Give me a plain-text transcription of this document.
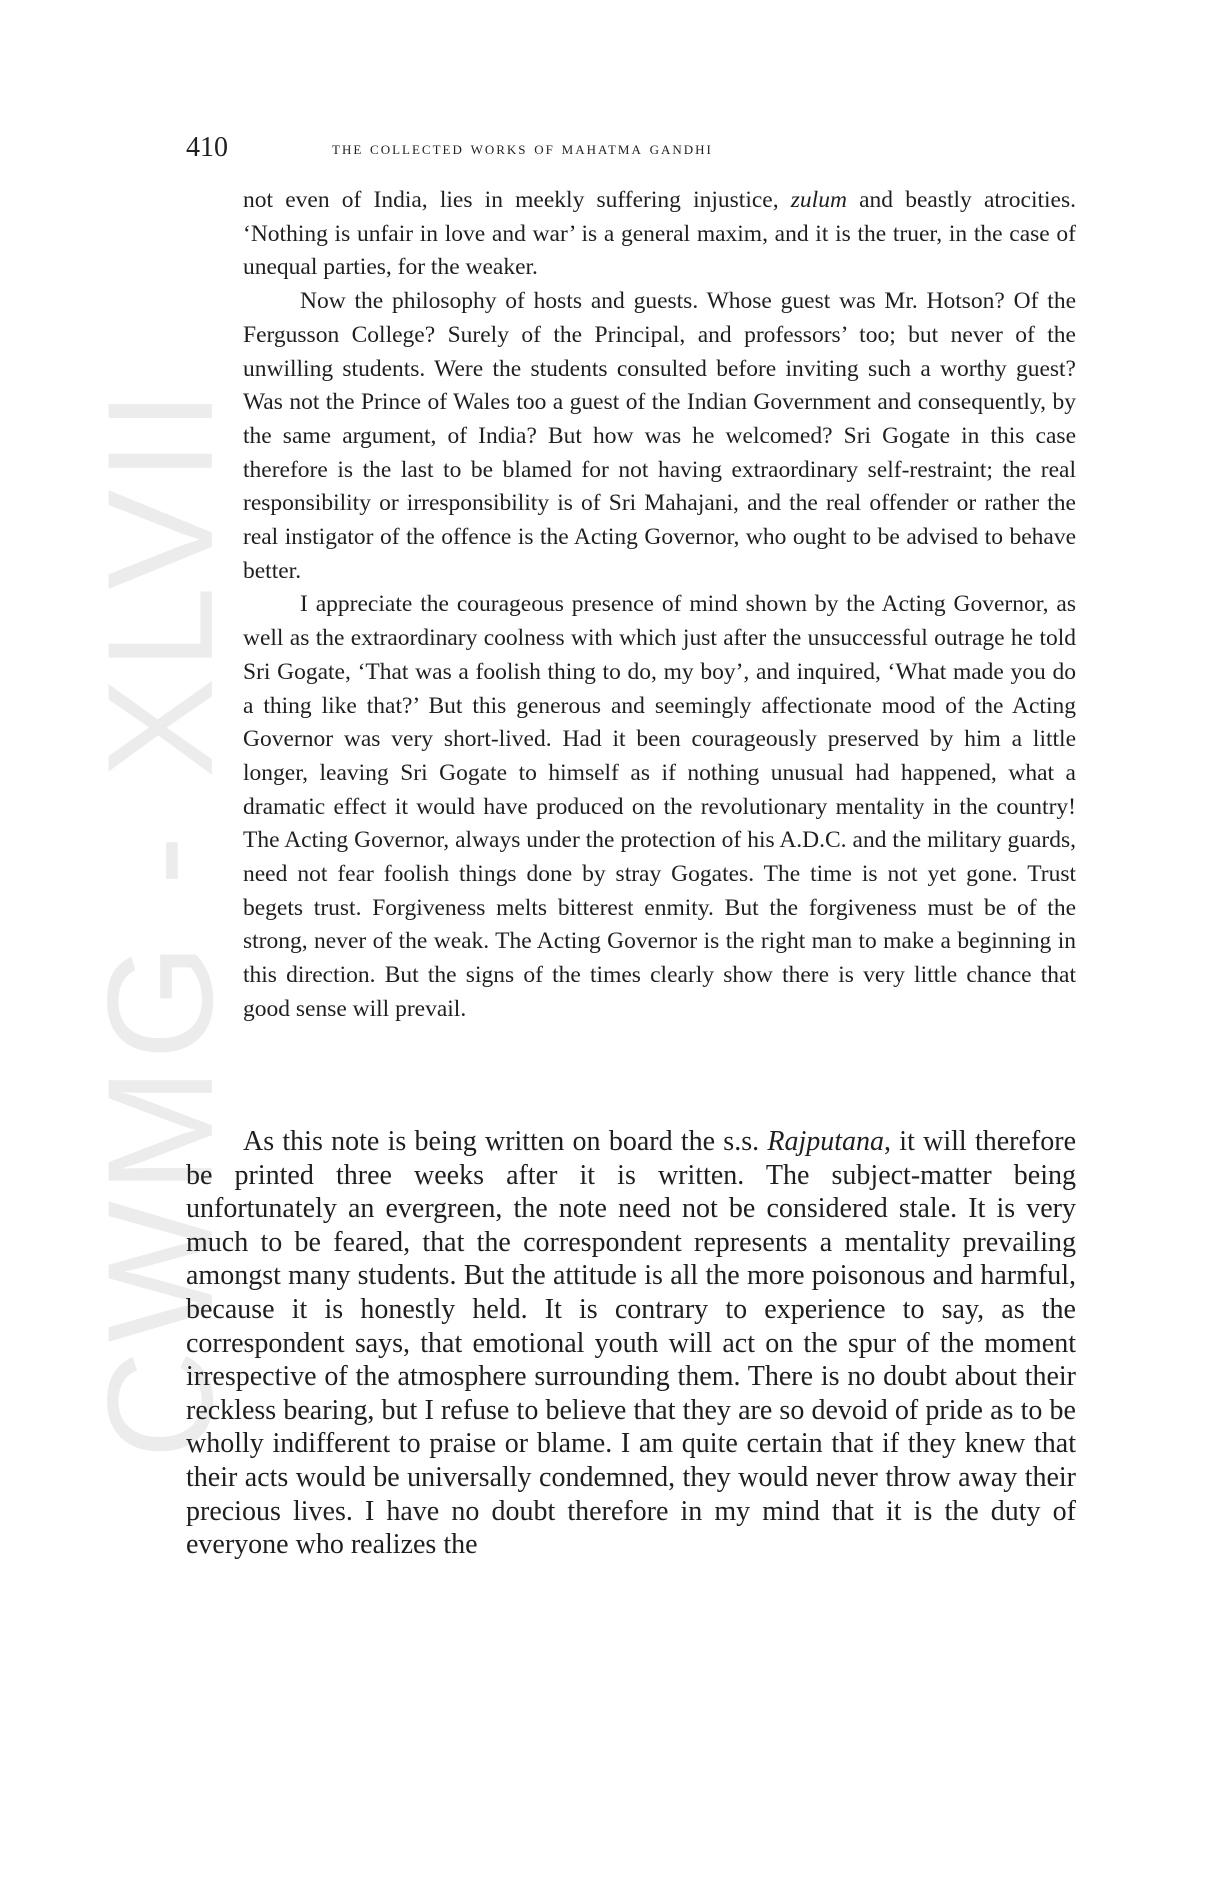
CWMG - XLVII
410	the collected works of mahatma gandhi

not even of India, lies in meekly suffering injustice, zulum and beastly atrocities. ‘Nothing is unfair in love and war’ is a general maxim, and it is the truer, in the case of unequal parties, for the weaker.

Now the philosophy of hosts and guests. Whose guest was Mr. Hotson? Of the Fergusson College? Surely of the Principal, and professors’ too; but never of the unwilling students. Were the students consulted before inviting such a worthy guest? Was not the Prince of Wales too a guest of the Indian Government and consequently, by the same argument, of India? But how was he welcomed? Sri Gogate in this case therefore is the last to be blamed for not having extraordinary self-restraint; the real responsibility or irresponsibility is of Sri Mahajani, and the real offender or rather the real instigator of the offence is the Acting Governor, who ought to be advised to behave better.

I appreciate the courageous presence of mind shown by the Acting Governor, as well as the extraordinary coolness with which just after the unsuccessful outrage he told Sri Gogate, ‘That was a foolish thing to do, my boy’, and inquired, ‘What made you do a thing like that?’ But this generous and seemingly affectionate mood of the Acting Governor was very short-lived. Had it been courageously preserved by him a little longer, leaving Sri Gogate to himself as if nothing unusual had happened, what a dramatic effect it would have produced on the revolutionary mentality in the country! The Acting Governor, always under the protection of his A.D.C. and the military guards, need not fear foolish things done by stray Gogates. The time is not yet gone. Trust begets trust. Forgiveness melts bitterest enmity. But the forgiveness must be of the strong, never of the weak. The Acting Governor is the right man to make a beginning in this direction. But the signs of the times clearly show there is very little chance that good sense will prevail.

As this note is being written on board the s.s. Rajputana, it will therefore be printed three weeks after it is written. The subject-matter being unfortunately an evergreen, the note need not be considered stale. It is very much to be feared, that the correspondent represents a mentality prevailing amongst many students. But the attitude is all the more poisonous and harmful, because it is honestly held. It is contrary to experience to say, as the correspondent says, that emotional youth will act on the spur of the moment irrespective of the atmosphere surrounding them. There is no doubt about their reckless bearing, but I refuse to believe that they are so devoid of pride as to be wholly indifferent to praise or blame. I am quite certain that if they knew that their acts would be universally condemned, they would never throw away their precious lives. I have no doubt therefore in my mind that it is the duty of everyone who realizes the
